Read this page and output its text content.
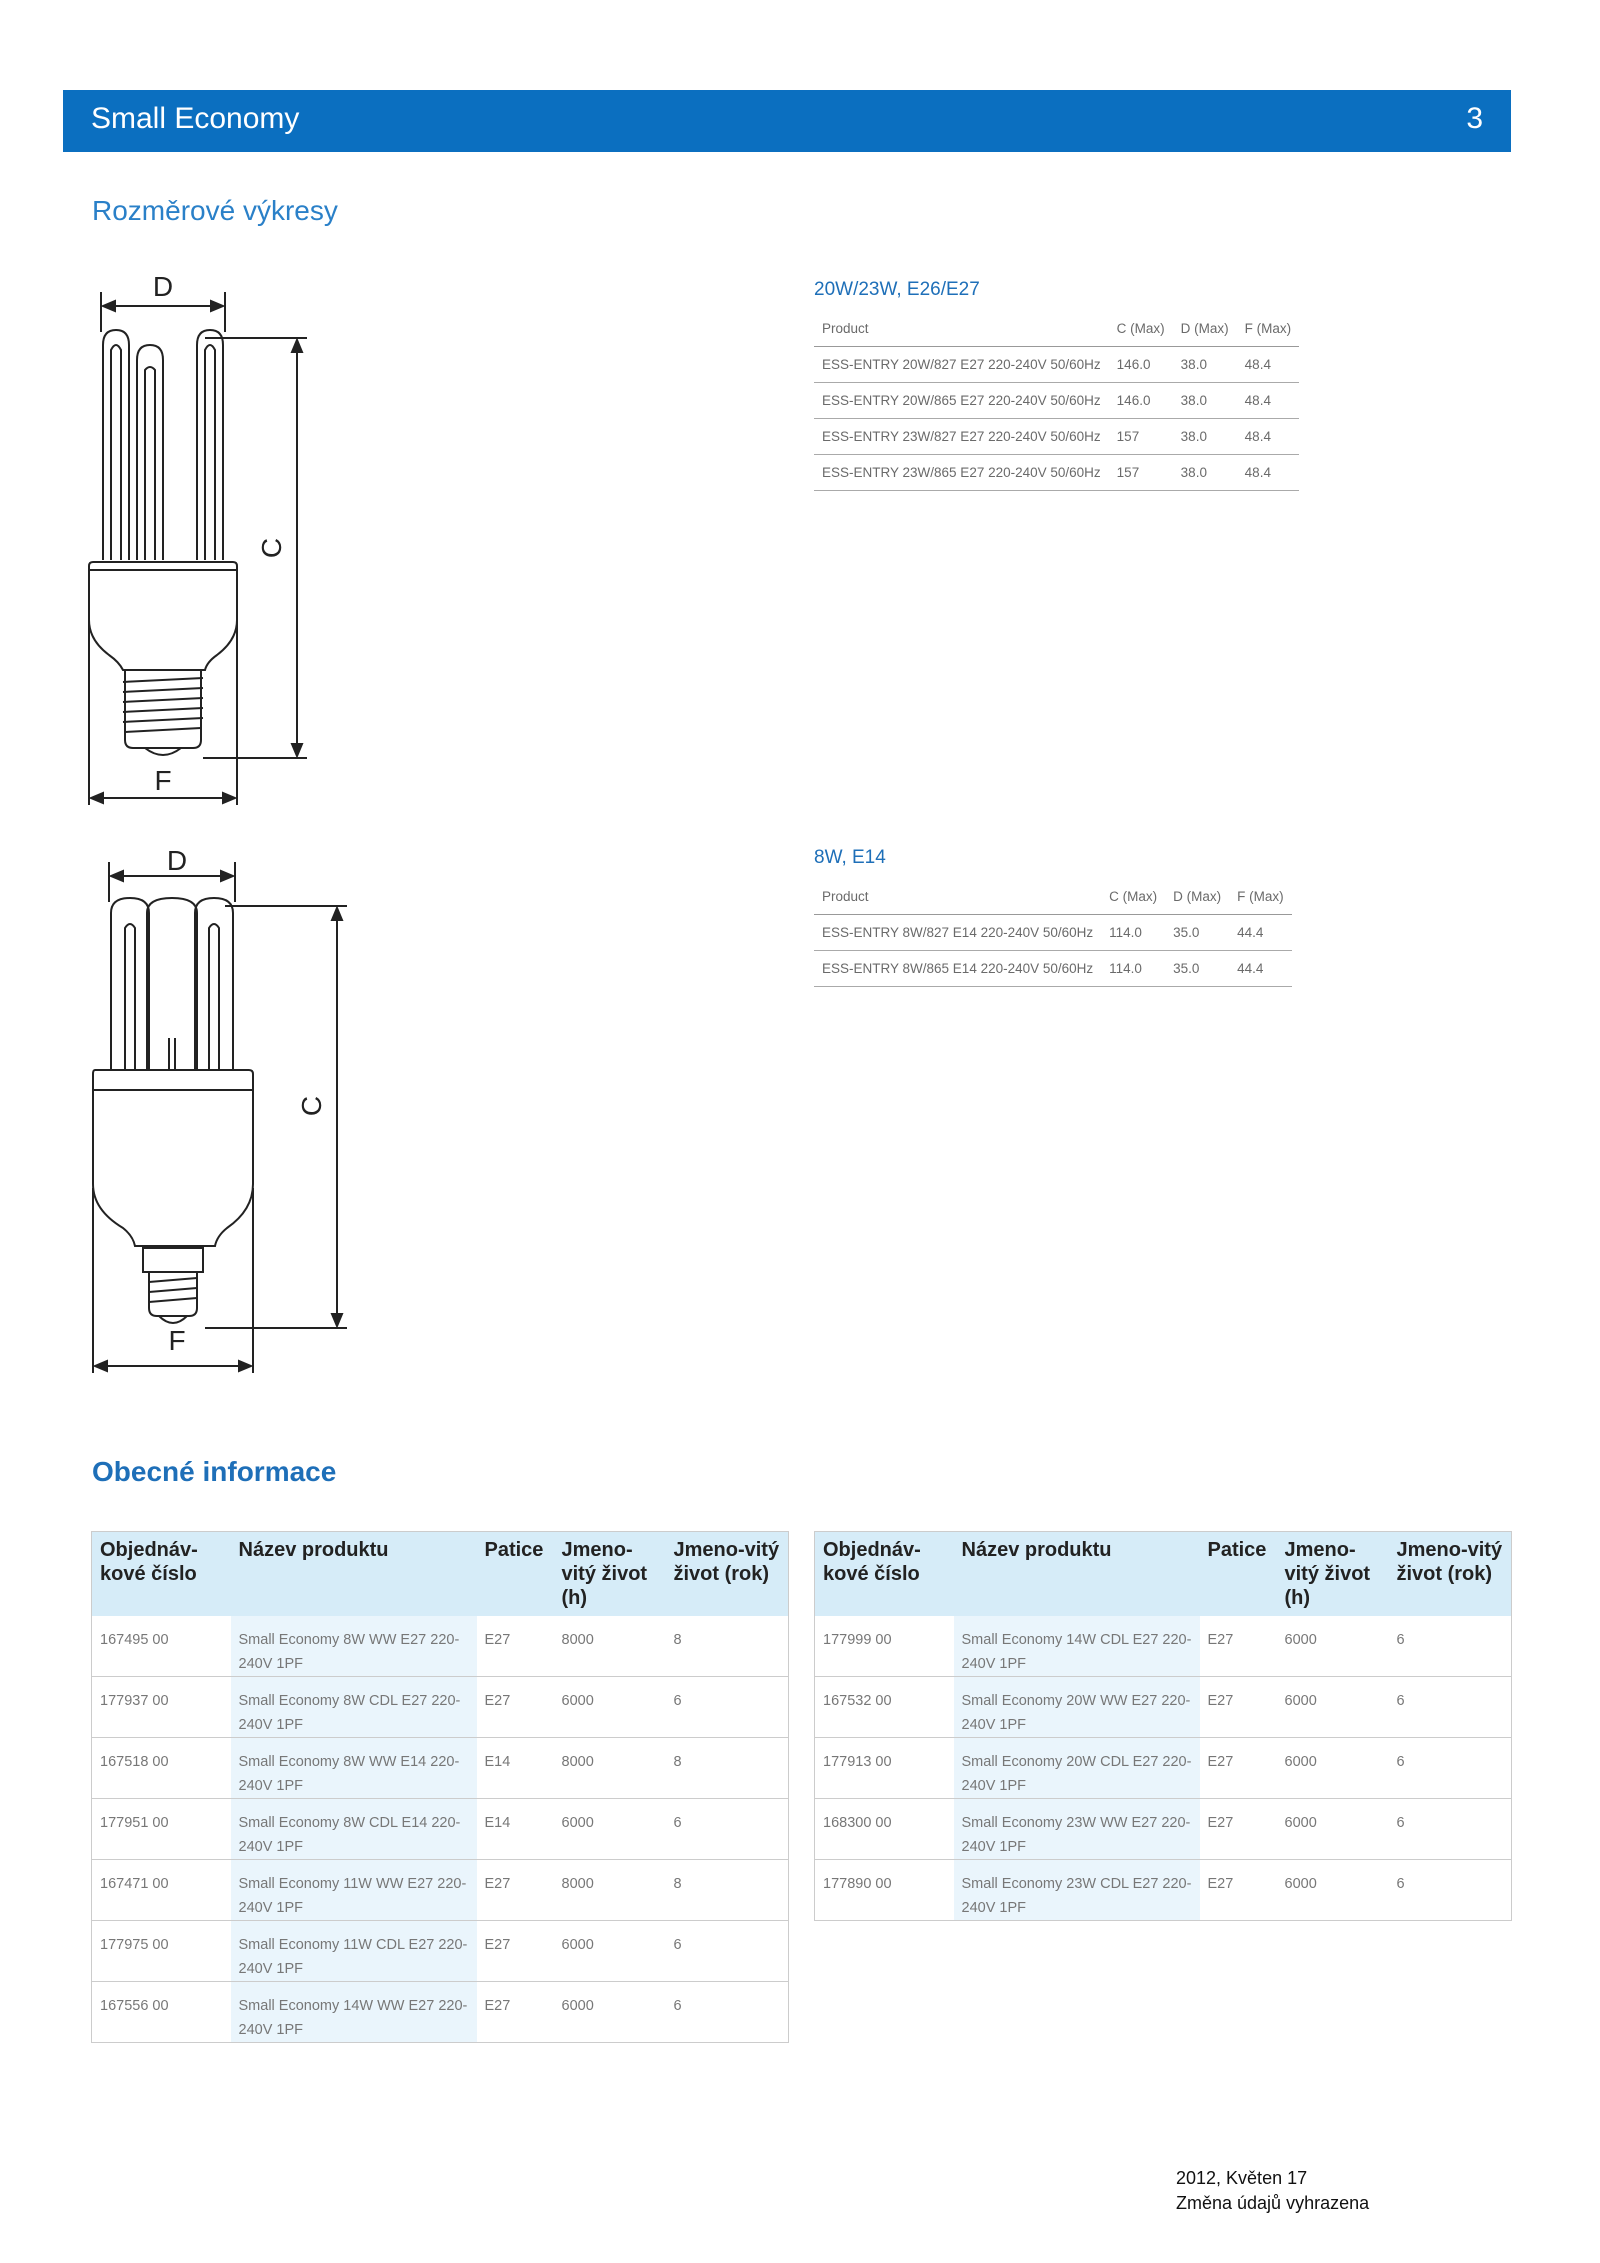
Small Economy	3
Rozměrové výkresy
D
C
F
D
C
F
20W/23W, E26/E27
Product	C (Max)	D (Max)	F (Max)
ESS-ENTRY 20W/827 E27 220-240V 50/60Hz	146.0	38.0	48.4
ESS-ENTRY 20W/865 E27 220-240V 50/60Hz	146.0	38.0	48.4
ESS-ENTRY 23W/827 E27 220-240V 50/60Hz	157	38.0	48.4
ESS-ENTRY 23W/865 E27 220-240V 50/60Hz	157	38.0	48.4
8W, E14
Product	C (Max)	D (Max)	F (Max)
ESS-ENTRY 8W/827 E14 220-240V 50/60Hz	114.0	35.0	44.4
ESS-ENTRY 8W/865 E14 220-240V 50/60Hz	114.0	35.0	44.4
Obecné informace
Objednáv-kové číslo	Název produktu	Patice	Jmeno-vitý život (h)	Jmeno-vitý život (rok)
167495 00	Small Economy 8W WW E27 220-240V 1PF	E27	8000	8
177937 00	Small Economy 8W CDL E27 220-240V 1PF	E27	6000	6
167518 00	Small Economy 8W WW E14 220-240V 1PF	E14	8000	8
177951 00	Small Economy 8W CDL E14 220-240V 1PF	E14	6000	6
167471 00	Small Economy 11W WW E27 220-240V 1PF	E27	8000	8
177975 00	Small Economy 11W CDL E27 220-240V 1PF	E27	6000	6
167556 00	Small Economy 14W WW E27 220-240V 1PF	E27	6000	6
Objednáv-kové číslo	Název produktu	Patice	Jmeno-vitý život (h)	Jmeno-vitý život (rok)
177999 00	Small Economy 14W CDL E27 220-240V 1PF	E27	6000	6
167532 00	Small Economy 20W WW E27 220-240V 1PF	E27	6000	6
177913 00	Small Economy 20W CDL E27 220-240V 1PF	E27	6000	6
168300 00	Small Economy 23W WW E27 220-240V 1PF	E27	6000	6
177890 00	Small Economy 23W CDL E27 220-240V 1PF	E27	6000	6
2012, Květen 17
Změna údajů vyhrazena
